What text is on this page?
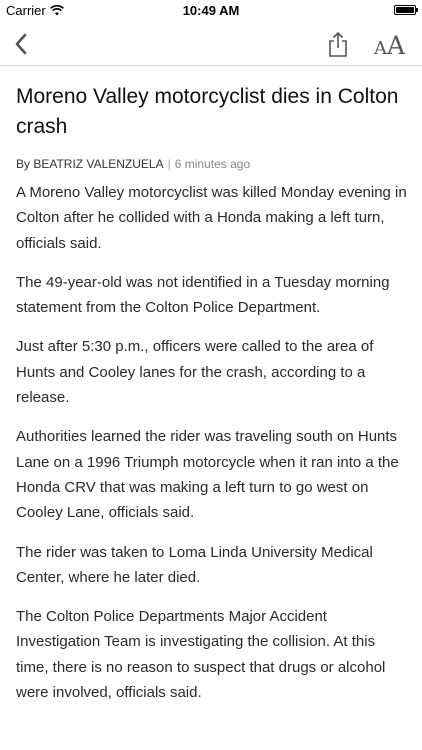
Carrier	10:49 AM
A A
Moreno Valley motorcyclist dies in Colton crash
By BEATRIZ VALENZUELA | 6 minutes ago

A Moreno Valley motorcyclist was killed Monday evening in Colton after he collided with a Honda making a left turn, officials said.

The 49-year-old was not identified in a Tuesday morning statement from the Colton Police Department.

Just after 5:30 p.m., officers were called to the area of Hunts and Cooley lanes for the crash, according to a release.

Authorities learned the rider was traveling south on Hunts Lane on a 1996 Triumph motorcycle when it ran into a the Honda CRV that was making a left turn to go west on Cooley Lane, officials said.

The rider was taken to Loma Linda University Medical Center, where he later died.

The Colton Police Departments Major Accident Investigation Team is investigating the collision. At this time, there is no reason to suspect that drugs or alcohol were involved, officials said.
